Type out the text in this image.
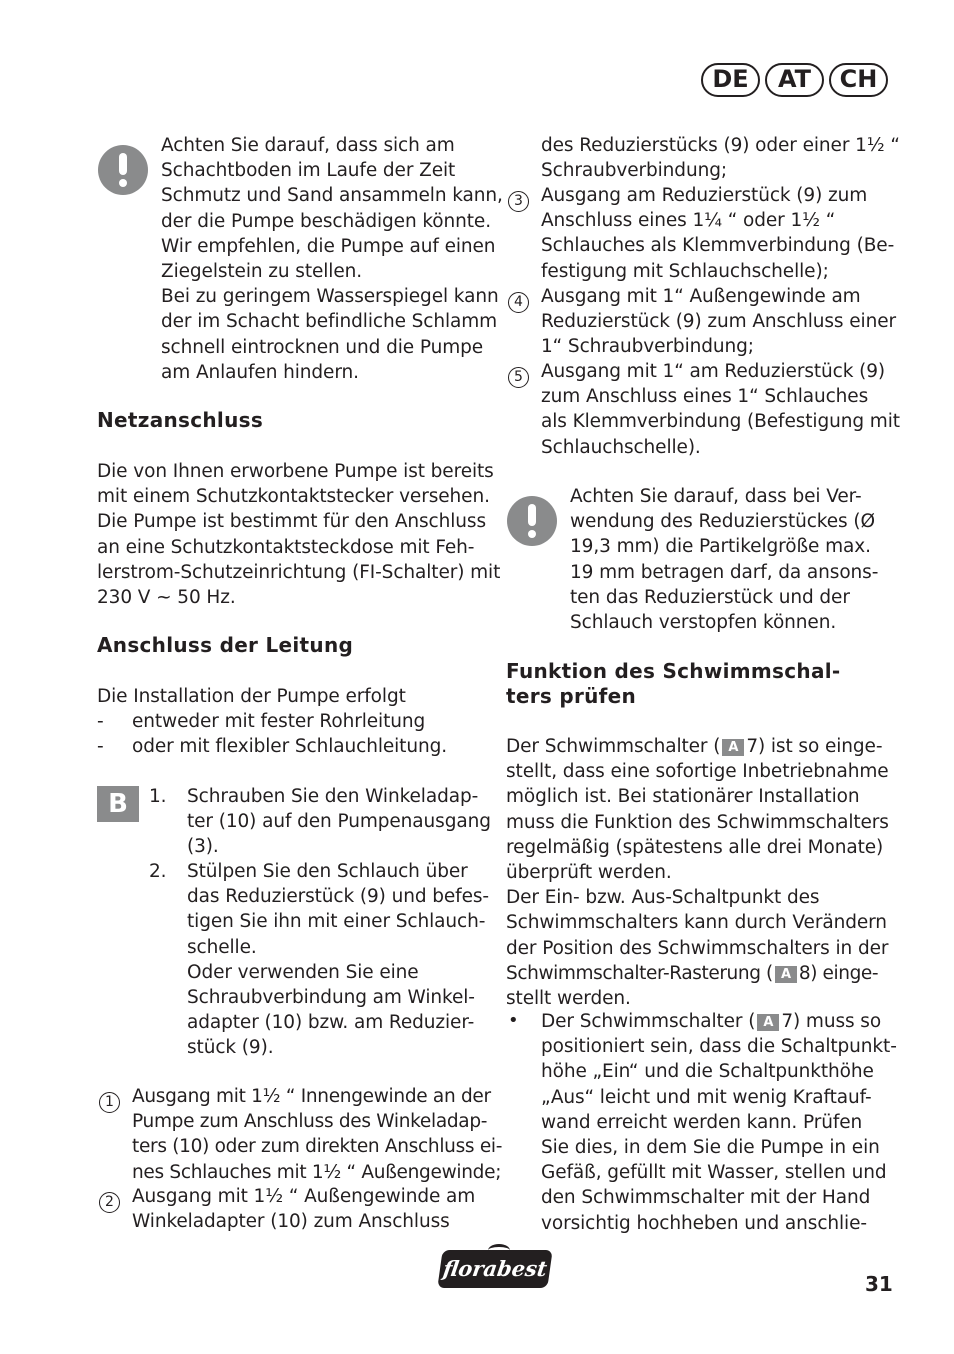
DE	AT	CH
Achten Sie darauf, dass sich am
Schachtboden im Laufe der Zeit
Schmutz und Sand ansammeln kann,
der die Pumpe beschädigen könnte.
Wir empfehlen, die Pumpe auf einen
Ziegelstein zu stellen.
Bei zu geringem Wasserspiegel kann
der im Schacht befindliche Schlamm
schnell eintrocknen und die Pumpe
am Anlaufen hindern.
Netzanschluss
Die von Ihnen erworbene Pumpe ist bereits
mit einem Schutzkontaktstecker versehen.
Die Pumpe ist bestimmt für den Anschluss
an eine Schutzkontaktsteckdose mit Feh-
lerstrom-Schutzeinrichtung (FI-Schalter) mit
230 V ~ 50 Hz.
Anschluss der Leitung
Die Installation der Pumpe erfolgt
- entweder mit fester Rohrleitung
- oder mit flexibler Schlauchleitung.
B	1. Schrauben Sie den Winkeladap-
ter (10) auf den Pumpenausgang
(3).
2. Stülpen Sie den Schlauch über
das Reduzierstück (9) und befes-
tigen Sie ihn mit einer Schlauch-
schelle.
Oder verwenden Sie eine
Schraubverbindung am Winkel-
adapter (10) bzw. am Reduzier-
stück (9).
1 Ausgang mit 1½ “ Innengewinde an der
Pumpe zum Anschluss des Winkeladap-
ters (10) oder zum direkten Anschluss ei-
nes Schlauches mit 1½ “ Außengewinde;
2 Ausgang mit 1½ “ Außengewinde am
Winkeladapter (10) zum Anschluss
des Reduzierstücks (9) oder einer 1½ “
Schraubverbindung;
3 Ausgang am Reduzierstück (9) zum
Anschluss eines 1¼ “ oder 1½ “
Schlauches als Klemmverbindung (Be-
festigung mit Schlauchschelle);
4 Ausgang mit 1“ Außengewinde am
Reduzierstück (9) zum Anschluss einer
1“ Schraubverbindung;
5 Ausgang mit 1“ am Reduzierstück (9)
zum Anschluss eines 1“ Schlauches
als Klemmverbindung (Befestigung mit
Schlauchschelle).
Achten Sie darauf, dass bei Ver-
wendung des Reduzierstückes (Ø
19,3 mm) die Partikelgröße max.
19 mm betragen darf, da ansons-
ten das Reduzierstück und der
Schlauch verstopfen können.
Funktion des Schwimmschal-
ters prüfen
Der Schwimmschalter ( A 7) ist so einge-
stellt, dass eine sofortige Inbetriebnahme
möglich ist. Bei stationärer Installation
muss die Funktion des Schwimmschalters
regelmäßig (spätestens alle drei Monate)
überprüft werden.
Der Ein- bzw. Aus-Schaltpunkt des
Schwimmschalters kann durch Verändern
der Position des Schwimmschalters in der
Schwimmschalter-Rasterung ( A 8) einge-
stellt werden.
• Der Schwimmschalter ( A 7) muss so
positioniert sein, dass die Schaltpunkt-
höhe „Ein“ und die Schaltpunkthöhe
„Aus“ leicht und mit wenig Kraftauf-
wand erreicht werden kann. Prüfen
Sie dies, in dem Sie die Pumpe in ein
Gefäß, gefüllt mit Wasser, stellen und
den Schwimmschalter mit der Hand
vorsichtig hochheben und anschlie-
florabest
31
